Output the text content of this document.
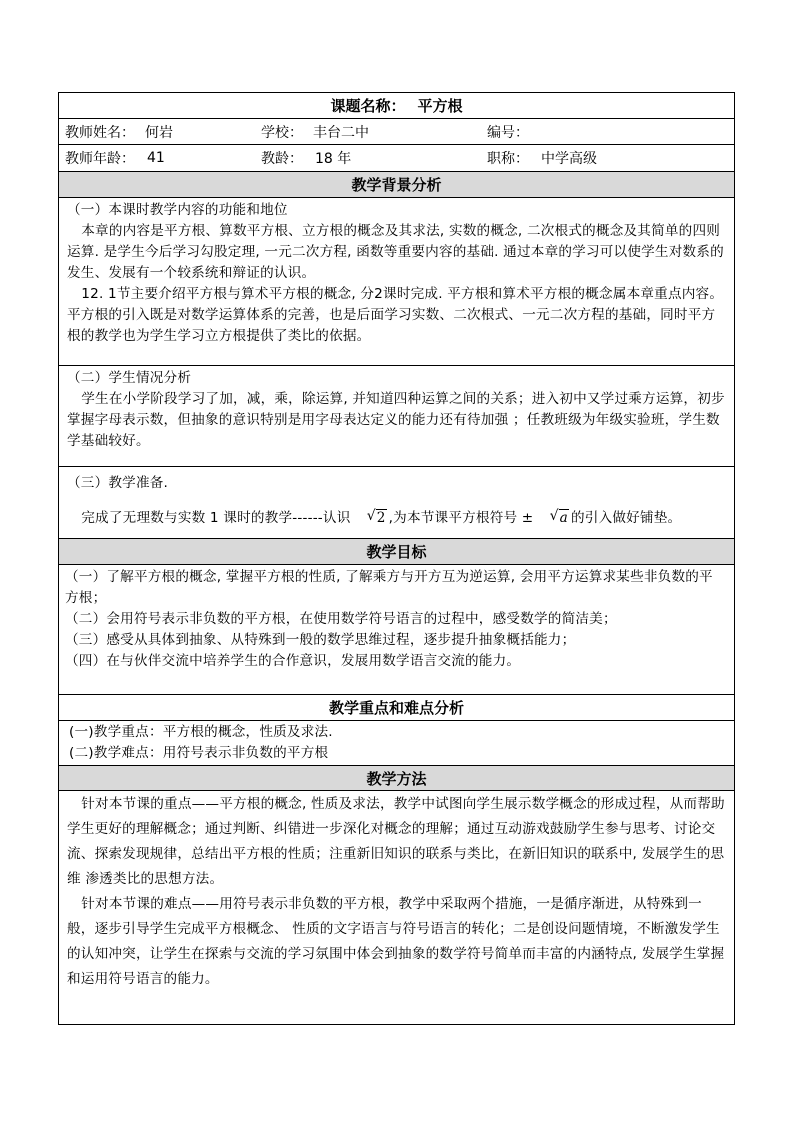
课题名称： 平方根
教师姓名： 何岩	学校： 丰台二中	编号：
教师年龄： 41	教龄： 18 年	职称： 中学高级
教学背景分析
（一）本课时教学内容的功能和地位
本章的内容是平方根、算数平方根、立方根的概念及其求法, 实数的概念, 二次根式的概念及其简单的四则运算. 是学生今后学习勾股定理, 一元二次方程, 函数等重要内容的基础. 通过本章的学习可以使学生对数系的发生、发展有一个较系统和辩证的认识。
12. 1节主要介绍平方根与算术平方根的概念, 分2课时完成. 平方根和算术平方根的概念属本章重点内容。平方根的引入既是对数学运算体系的完善，也是后面学习实数、二次根式、一元二次方程的基础，同时平方根的教学也为学生学习立方根提供了类比的依据。
（二）学生情况分析
学生在小学阶段学习了加，减，乘，除运算, 并知道四种运算之间的关系；进入初中又学过乘方运算，初步掌握字母表示数，但抽象的意识特别是用字母表达定义的能力还有待加强 ；任教班级为年级实验班，学生数学基础较好。
（三）教学准备.
完成了无理数与实数 1 课时的教学------认识	√ 2 ,为本节课平方根符号 ±	√ a 的引入做好铺垫。
教学目标
（一）了解平方根的概念, 掌握平方根的性质, 了解乘方与开方互为逆运算, 会用平方运算求某些非负数的平方根；
（二）会用符号表示非负数的平方根，在使用数学符号语言的过程中，感受数学的简洁美；
（三）感受从具体到抽象、从特殊到一般的数学思维过程，逐步提升抽象概括能力；
（四）在与伙伴交流中培养学生的合作意识，发展用数学语言交流的能力。
教学重点和难点分析
(一)教学重点：平方根的概念，性质及求法.
(二)教学难点：用符号表示非负数的平方根
教学方法
针对本节课的重点——平方根的概念, 性质及求法，教学中试图向学生展示数学概念的形成过程，从而帮助学生更好的理解概念；通过判断、纠错进一步深化对概念的理解；通过互动游戏鼓励学生参与思考、讨论交流、探索发现规律，总结出平方根的性质；注重新旧知识的联系与类比，在新旧知识的联系中, 发展学生的思维 渗透类比的思想方法。
针对本节课的难点——用符号表示非负数的平方根，教学中采取两个措施，一是循序渐进，从特殊到一般，逐步引导学生完成平方根概念、 性质的文字语言与符号语言的转化；二是创设问题情境，不断激发学生的认知冲突，让学生在探索与交流的学习氛围中体会到抽象的数学符号简单而丰富的内涵特点, 发展学生掌握和运用符号语言的能力。
